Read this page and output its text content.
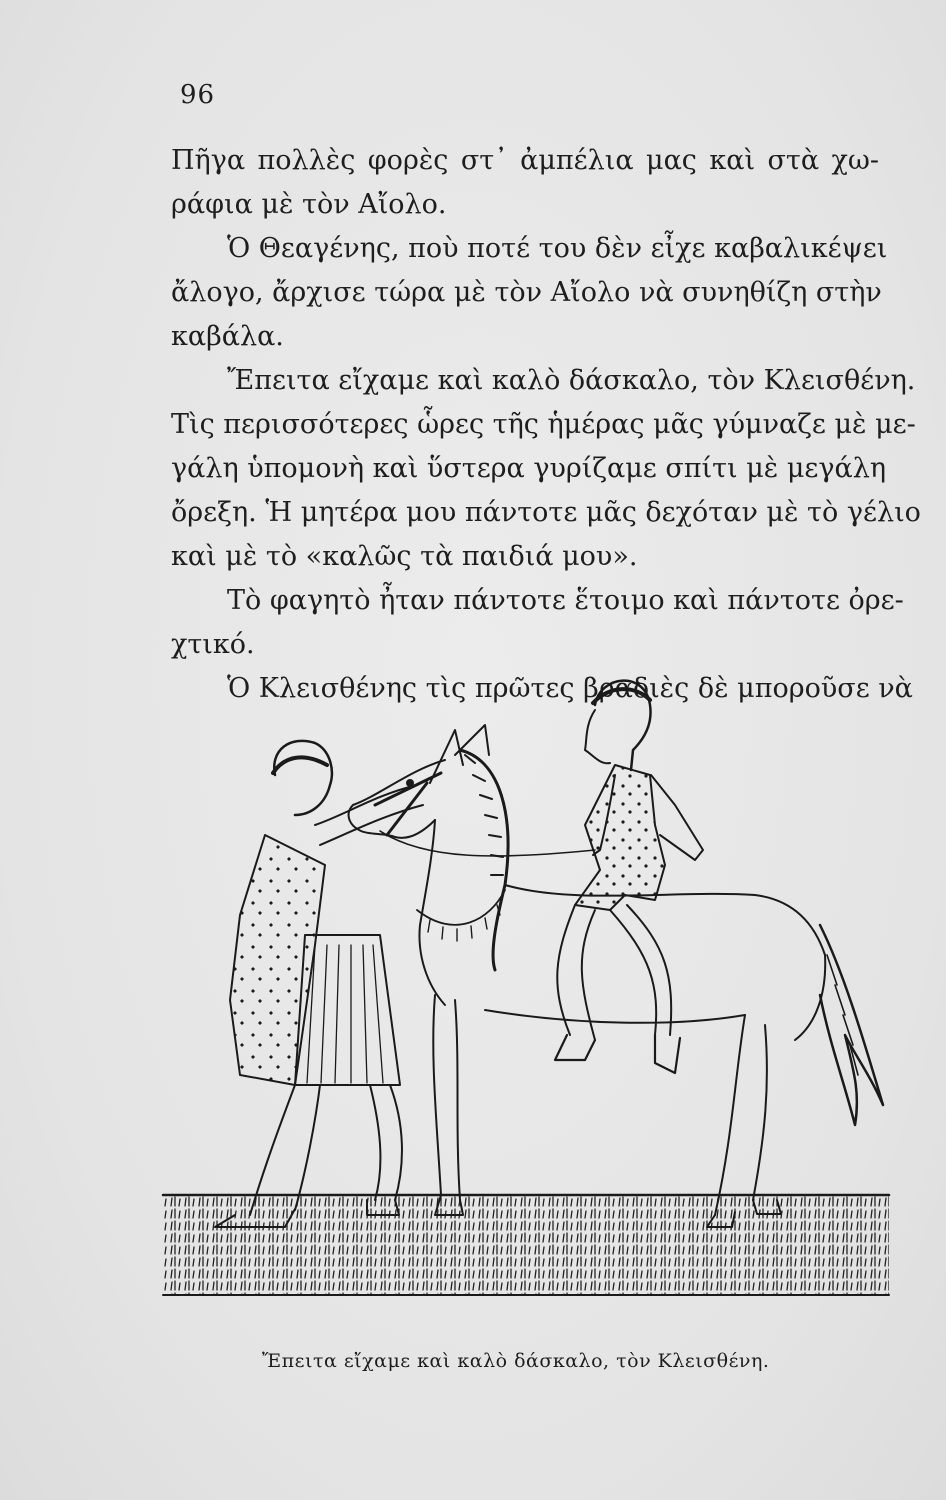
96
Πῆγα πολλὲς φορὲς στ᾽ ἀμπέλια μας καὶ στὰ χω-
ράφια μὲ τὸν Αἴολο.
Ὁ Θεαγένης, ποὺ ποτέ του δὲν εἶχε καβαλικέψει
ἄλογο, ἄρχισε τώρα μὲ τὸν Αἴολο νὰ συνηθίζη στὴν
καβάλα.
Ἔπειτα εἴχαμε καὶ καλὸ δάσκαλο, τὸν Κλεισθένη.
Τὶς περισσότερες ὧρες τῆς ἡμέρας μᾶς γύμναζε μὲ με-
γάλη ὑπομονὴ καὶ ὕστερα γυρίζαμε σπίτι μὲ μεγάλη
ὄρεξη. Ἡ μητέρα μου πάντοτε μᾶς δεχόταν μὲ τὸ γέλιο
καὶ μὲ τὸ «καλῶς τὰ παιδιά μου».
Τὸ φαγητὸ ἦταν πάντοτε ἕτοιμο καὶ πάντοτε ὀρε-
χτικό.
Ὁ Κλεισθένης τὶς πρῶτες βραδιὲς δὲ μποροῦσε νὰ
Ἔπειτα εἴχαμε καὶ καλὸ δάσκαλο, τὸν Κλεισθένη.
